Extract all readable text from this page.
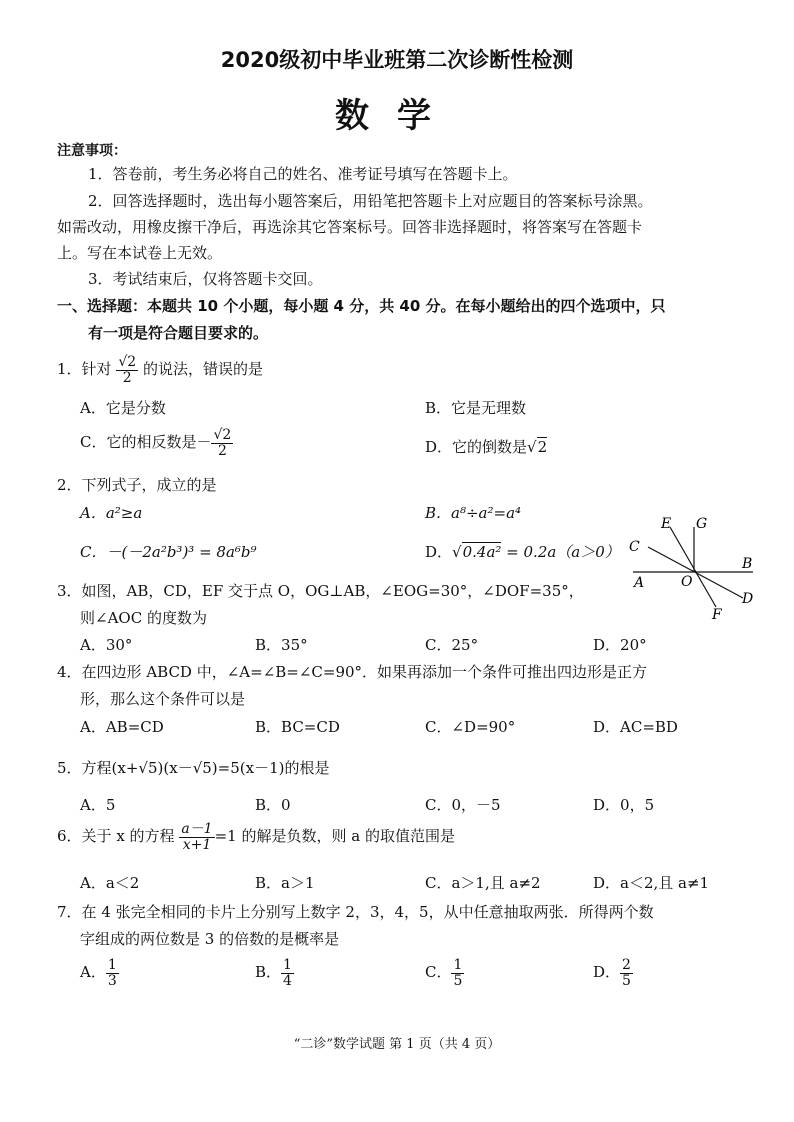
2020级初中毕业班第二次诊断性检测
数学
注意事项：
1．答卷前，考生务必将自己的姓名、准考证号填写在答题卡上。
2．回答选择题时，选出每小题答案后，用铅笔把答题卡上对应题目的答案标号涂黑。
如需改动，用橡皮擦干净后，再选涂其它答案标号。回答非选择题时，将答案写在答题卡
上。写在本试卷上无效。
3．考试结束后，仅将答题卡交回。
一、选择题：本题共 10 个小题，每小题 4 分，共 40 分。在每小题给出的四个选项中，只
有一项是符合题目要求的。
1．针对 $\frac{√2}{2}$ 的说法，错误的是
A．它是分数	B．它是无理数
C．它的相反数是－ $\frac{√2}{2}$	D．它的倒数是√2
2．下列式子，成立的是
A．a²≥a	B．a⁸÷a²=a⁴
C．－(－2a²b³)³ = 8a⁶b⁹	D．√0.4a² = 0.2a（a＞0）
E G
C
A	O
B
D
F
3．如图，AB，CD，EF 交于点 O，OG⊥AB，∠EOG=30°，∠DOF=35°，
则∠AOC 的度数为
A．30°	B．35°	C．25°	D．20°
4．在四边形 ABCD 中，∠A=∠B=∠C=90°．如果再添加一个条件可推出四边形是正方
形，那么这个条件可以是
A．AB=CD	B．BC=CD	C．∠D=90°	D．AC=BD
5．方程(x+√5)(x－√5)=5(x－1)的根是
A．5	B．0	C．0，－5	D．0，5
6．关于 x 的方程 $\frac{a-1}{x+1} =1$ 的解是负数，则 a 的取值范围是
A．a＜2	B．a＞1	C．a＞1,且 a≠2	D．a＜2,且 a≠1
7．在 4 张完全相同的卡片上分别写上数字 2，3，4，5，从中任意抽取两张．所得两个数
字组成的两位数是 3 的倍数的是概率是
A． $\frac{1}{3}$	B． $\frac{1}{4}$	C． $\frac{1}{5}$	D． $\frac{2}{5}$
“二诊”数学试题 第 1 页（共 4 页）
